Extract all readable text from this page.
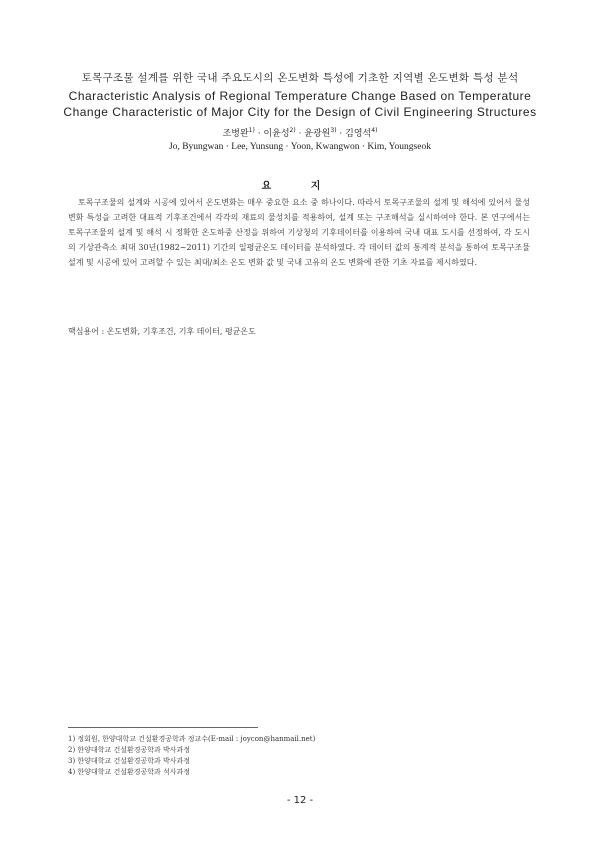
토목구조물 설계를 위한 국내 주요도시의 온도변화 특성에 기초한 지역별 온도변화 특성 분석

Characteristic Analysis of Regional Temperature Change Based on Temperature

Change Characteristic of Major City for the Design of Civil Engineering Structures

조병완$^{1)}$ · 이윤성$^{2)}$ · 윤광원$^{3)}$ · 김영석$^{4)}$
Jo, Byungwan · Lee, Yunsung · Yoon, Kwangwon · Kim, Youngseok
요 지

토목구조물의 설계와 시공에 있어서 온도변화는 매우 중요한 요소 중 하나이다. 따라서 토목구조물의 설계 및 해석에 있어서 물성변화 특성을 고려한 대표적 기후조건에서 각각의 재료의 물성치를 적용하여, 설계 또는 구조해석을 실시하여야 한다. 본 연구에서는 토목구조물의 설계 및 해석 시 정확한 온도하중 산정을 위하여 기상청의 기후데이터를 이용하여 국내 대표 도시를 선정하여, 각 도시의 기상관측소 최대 30년(1982~2011) 기간의 일평균온도 데이터를 분석하였다. 각 데이터 값의 통계적 분석을 통하여 토목구조물 설계 및 시공에 있어 고려할 수 있는 최대/최소 온도 변화 값 및 국내 고유의 온도 변화에 관한 기초 자료를 제시하였다.

핵심용어 : 온도변화, 기후조건, 기후 데이터, 평균온도

1) 정회원, 한양대학교 건설환경공학과 정교수(E-mail : joycon@hanmail.net)
2) 한양대학교 건설환경공학과 박사과정
3) 한양대학교 건설환경공학과 박사과정
4) 한양대학교 건설환경공학과 석사과정
- 12 -
